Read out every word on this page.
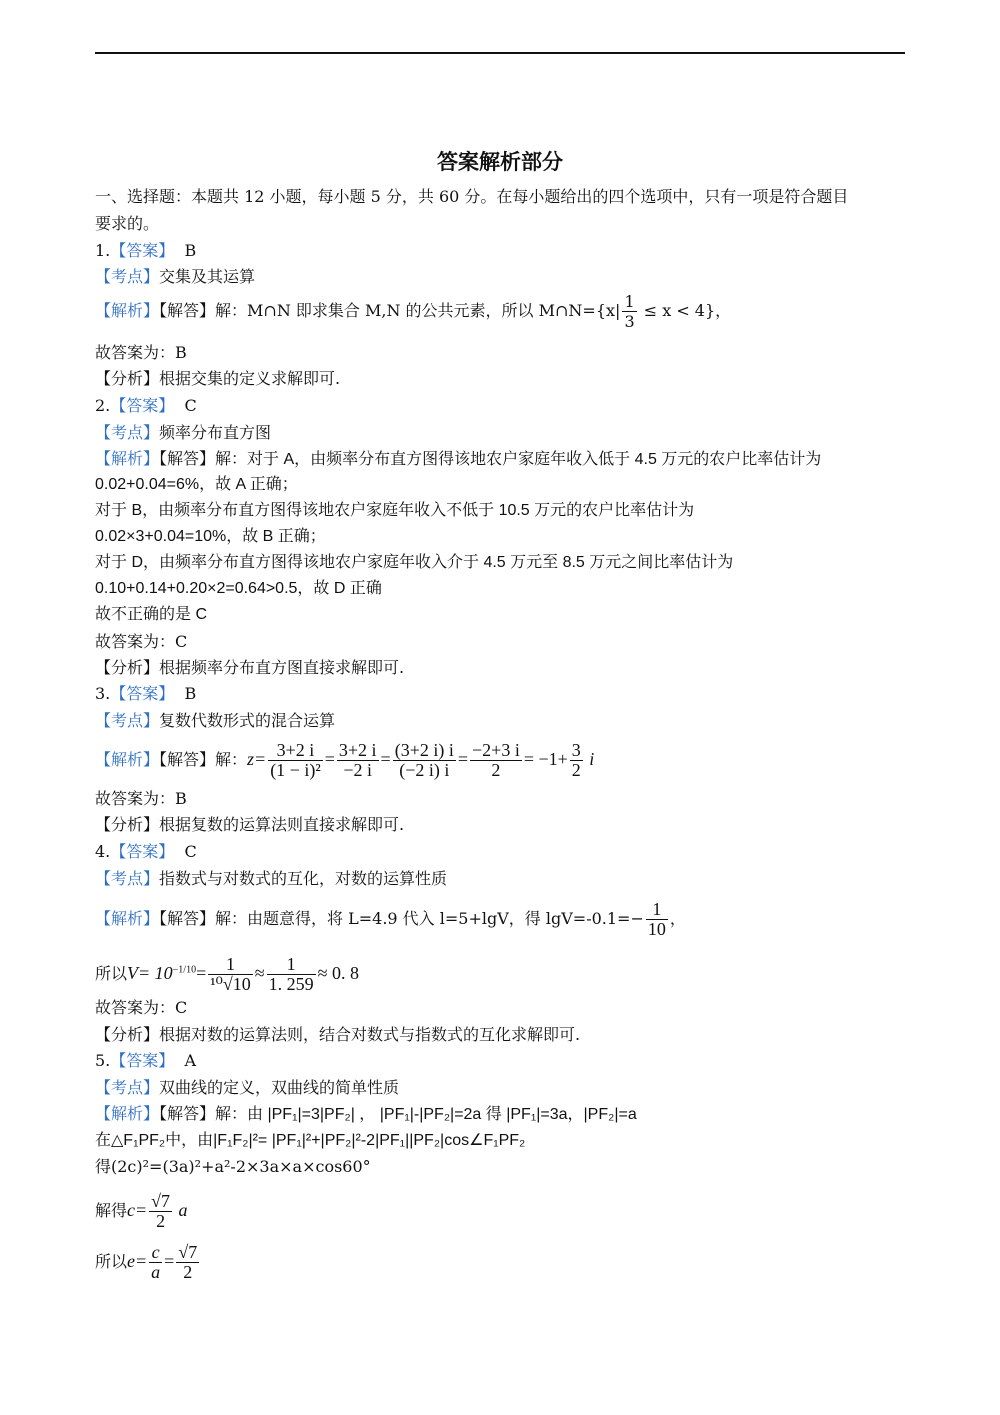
答案解析部分
一、选择题：本题共 12 小题，每小题 5 分，共 60 分。在每小题给出的四个选项中，只有一项是符合题目
要求的。
1.【答案】 B
【考点】交集及其运算
【解析】【解答】解：M∩N 即求集合 M,N 的公共元素，所以 M∩N={x| $\frac{1}{3} \le x < 4$}，
故答案为：B
【分析】根据交集的定义求解即可.
2.【答案】 C
【考点】频率分布直方图
【解析】【解答】解：对于 A，由频率分布直方图得该地农户家庭年收入低于 4.5 万元的农户比率估计为
0.02+0.04=6%，故 A 正确；
对于 B，由频率分布直方图得该地农户家庭年收入不低于 10.5 万元的农户比率估计为
0.02×3+0.04=10%，故 B 正确；
对于 D，由频率分布直方图得该地农户家庭年收入介于 4.5 万元至 8.5 万元之间比率估计为
0.10+0.14+0.20×2=0.64>0.5，故 D 正确
故不正确的是 C
故答案为：C
【分析】根据频率分布直方图直接求解即可.
3.【答案】 B
【考点】复数代数形式的混合运算
【解析】【解答】解：$z= \frac{3+2 i}{\text{(1 − i)²}} = \frac{3+2 i}{-2 i} = \frac{(3+2 i) i}{(-2 i) i} = \frac{-2+3 i}{2} = -1+ \frac{3}{2}$ i
故答案为：B
【分析】根据复数的运算法则直接求解即可.
4.【答案】 C
【考点】指数式与对数式的互化，对数的运算性质
【解析】【解答】解：由题意得，将 L=4.9 代入 l=5+lgV，得 $\lg V=-0.1=- \frac{1}{10}$ ，
所以$V= 10^{-1/10}= \frac{1}{\text{¹⁰√10}} \approx \frac{1}{1. 259} \approx 0$. 8
故答案为：C
【分析】根据对数的运算法则，结合对数式与指数式的互化求解即可.
5.【答案】 A
【考点】双曲线的定义，双曲线的简单性质
【解析】【解答】解：由 |PF₁|=3|PF₂| ， |PF₁|-|PF₂|=2a 得 |PF₁|=3a，|PF₂|=a
在△F₁PF₂中，由|F₁F₂|²= |PF₁|²+|PF₂|²-2|PF₁||PF₂|cos∠F₁PF₂
得(2c)²=(3a)²+a²-2×3a×a×cos60°
解得$c= \frac{√7}{2}$ a
所以$e= \frac{c}{a} = \frac{√7}{2}$
